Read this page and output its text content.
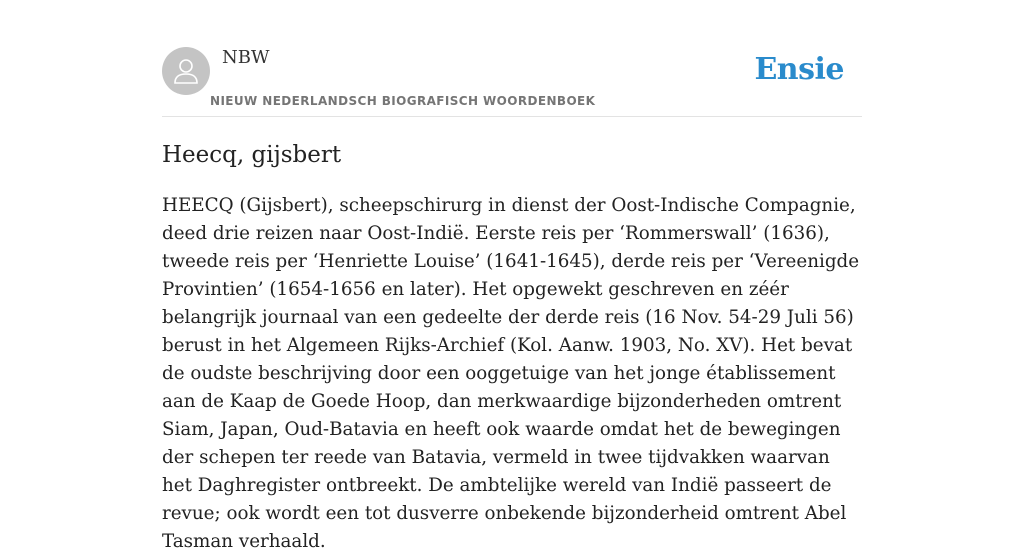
NBW
NIEUW NEDERLANDSCH BIOGRAFISCH WOORDENBOEK
Ensie
Heecq, gijsbert

HEECQ (Gijsbert), scheepschirurg in dienst der Oost-Indische Compagnie, deed drie reizen naar Oost-Indië. Eerste reis per ‘Rommerswall’ (1636), tweede reis per ‘Henriette Louise’ (1641-1645), derde reis per ‘Vereenigde Provintien’ (1654-1656 en later). Het opgewekt geschreven en zéér belangrijk journaal van een gedeelte der derde reis (16 Nov. 54-29 Juli 56) berust in het Algemeen Rijks-Archief (Kol. Aanw. 1903, No. XV). Het bevat de oudste beschrijving door een ooggetuige van het jonge établissement aan de Kaap de Goede Hoop, dan merkwaardige bijzonderheden omtrent Siam, Japan, Oud-Batavia en heeft ook waarde omdat het de bewegingen der schepen ter reede van Batavia, vermeld in twee tijdvakken waarvan het Daghregister ontbreekt. De ambtelijke wereld van Indië passeert de revue; ook wordt een tot dusverre onbekende bijzonderheid omtrent Abel Tasman verhaald.
